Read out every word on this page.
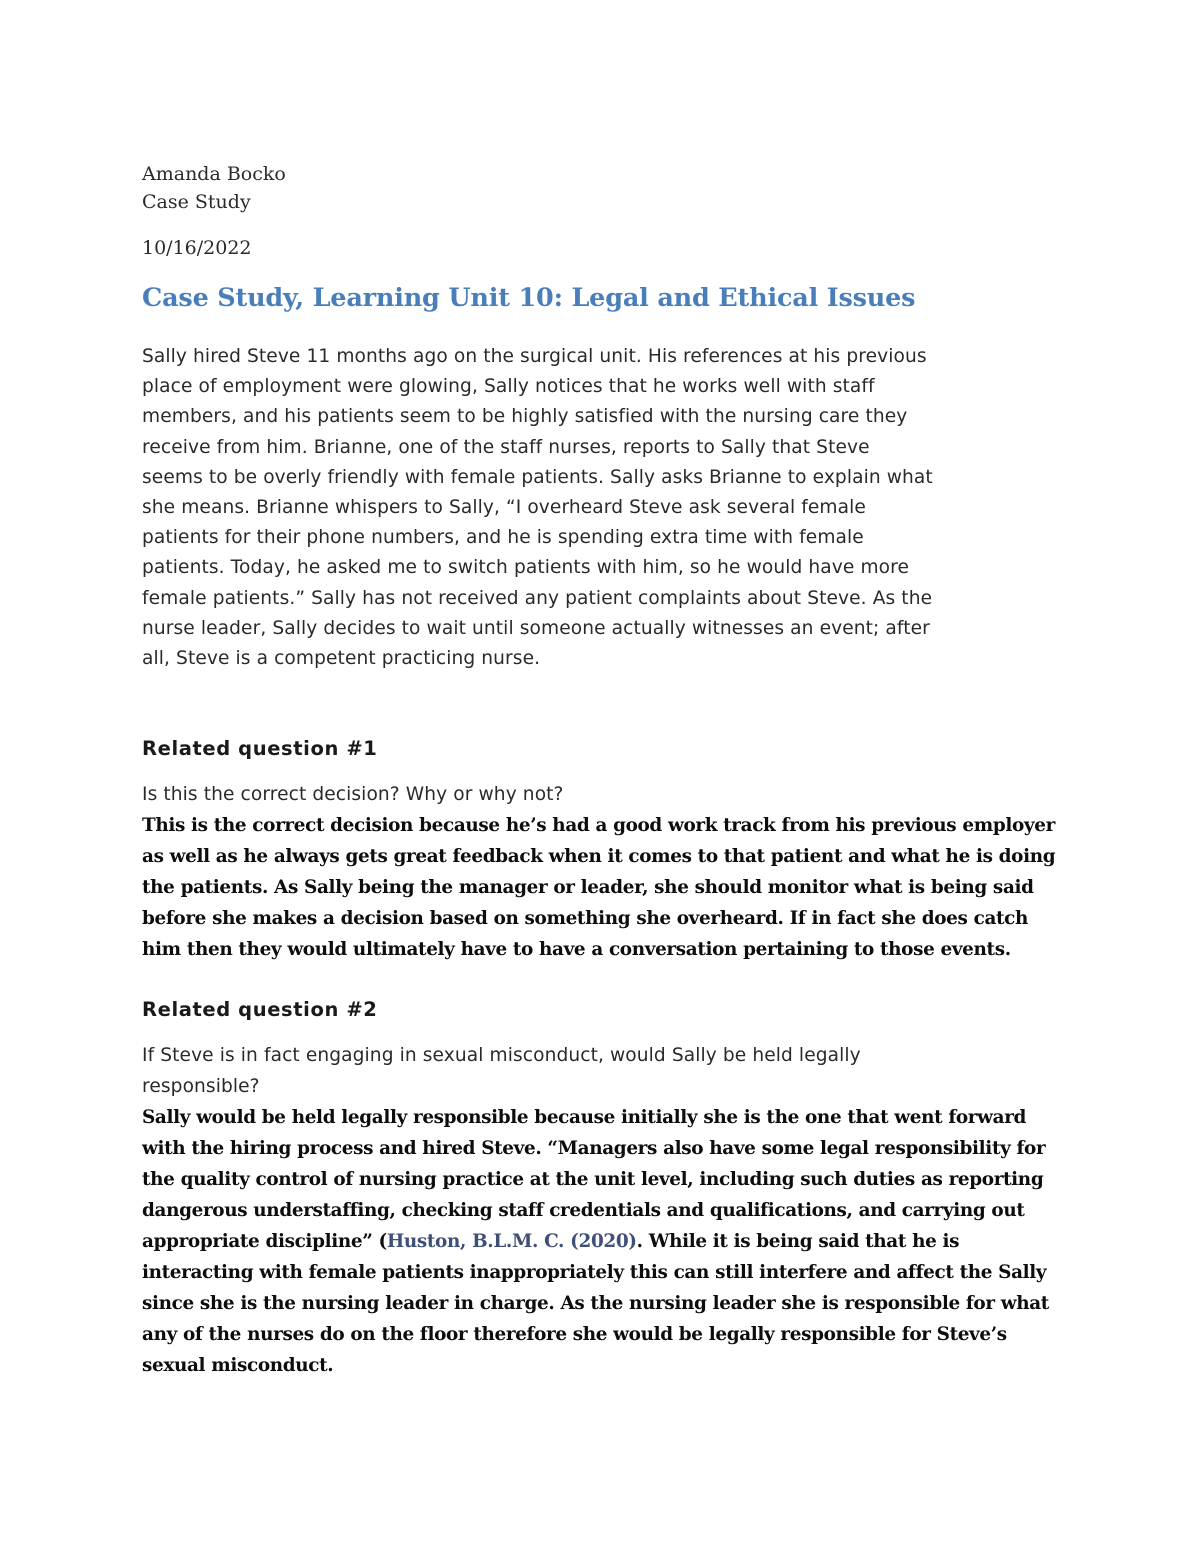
Amanda Bocko

Case Study

10/16/2022

Case Study, Learning Unit 10: Legal and Ethical Issues
Sally hired Steve 11 months ago on the surgical unit. His references at his previous
place of employment were glowing, Sally notices that he works well with staff
members, and his patients seem to be highly satisfied with the nursing care they
receive from him. Brianne, one of the staff nurses, reports to Sally that Steve
seems to be overly friendly with female patients. Sally asks Brianne to explain what
she means. Brianne whispers to Sally, “I overheard Steve ask several female
patients for their phone numbers, and he is spending extra time with female
patients. Today, he asked me to switch patients with him, so he would have more
female patients.” Sally has not received any patient complaints about Steve. As the
nurse leader, Sally decides to wait until someone actually witnesses an event; after
all, Steve is a competent practicing nurse.
Related question #1
Is this the correct decision? Why or why not?
This is the correct decision because he’s had a good work track from his previous employer
as well as he always gets great feedback when it comes to that patient and what he is doing
the patients. As Sally being the manager or leader, she should monitor what is being said
before she makes a decision based on something she overheard. If in fact she does catch
him then they would ultimately have to have a conversation pertaining to those events.
Related question #2
If Steve is in fact engaging in sexual misconduct, would Sally be held legally
responsible?
Sally would be held legally responsible because initially she is the one that went forward
with the hiring process and hired Steve. “Managers also have some legal responsibility for
the quality control of nursing practice at the unit level, including such duties as reporting
dangerous understaffing, checking staff credentials and qualifications, and carrying out
appropriate discipline” (Huston, B.L.M. C. (2020). While it is being said that he is
interacting with female patients inappropriately this can still interfere and affect the Sally
since she is the nursing leader in charge. As the nursing leader she is responsible for what
any of the nurses do on the floor therefore she would be legally responsible for Steve’s
sexual misconduct.
